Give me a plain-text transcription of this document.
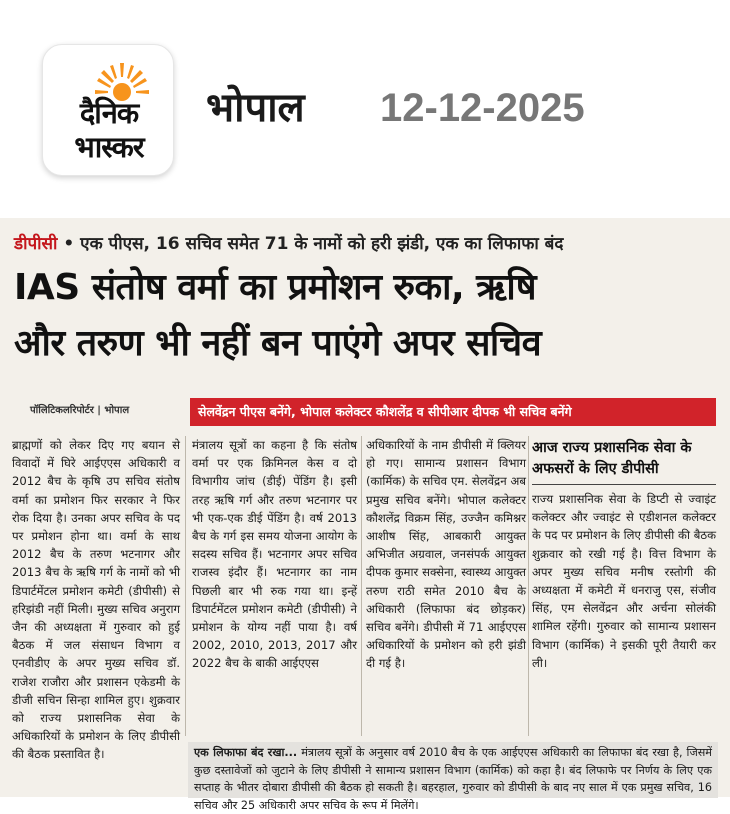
दैनिक
भास्कर
भोपाल 12-12-2025
डीपीसी • एक पीएस, 16 सचिव समेत 71 के नामों को हरी झंडी, एक का लिफाफा बंद
IAS संतोष वर्मा का प्रमोशन रुका, ऋषि
और तरुण भी नहीं बन पाएंगे अपर सचिव
पॉलिटिकलरिपोर्टर | भोपाल	सेलवेंद्रन पीएस बनेंगे, भोपाल कलेक्टर कौशलेंद्र व सीपीआर दीपक भी सचिव बनेंगे
ब्राह्मणों को लेकर दिए गए बयान से विवादों में घिरे आईएएस अधिकारी व 2012 बैच के कृषि उप सचिव संतोष वर्मा का प्रमोशन फिर सरकार ने फिर रोक दिया है। उनका अपर सचिव के पद पर प्रमोशन होना था। वर्मा के साथ 2012 बैच के तरुण भटनागर और 2013 बैच के ऋषि गर्ग के नामों को भी डिपार्टमेंटल प्रमोशन कमेटी (डीपीसी) से हरिझंडी नहीं मिली। मुख्य सचिव अनुराग जैन की अध्यक्षता में गुरुवार को हुई बैठक में जल संसाधन विभाग व एनवीडीए के अपर मुख्य सचिव डॉ. राजेश राजौरा और प्रशासन एकेडमी के डीजी सचिन सिन्हा शामिल हुए। शुक्रवार को राज्य प्रशासनिक सेवा के अधिकारियों के प्रमोशन के लिए डीपीसी की बैठक प्रस्तावित है।
मंत्रालय सूत्रों का कहना है कि संतोष वर्मा पर एक क्रिमिनल केस व दो विभागीय जांच (डीई) पेंडिंग है। इसी तरह ऋषि गर्ग और तरुण भटनागर पर भी एक-एक डीई पेंडिंग है। वर्ष 2013 बैच के गर्ग इस समय योजना आयोग के सदस्य सचिव हैं। भटनागर अपर सचिव राजस्व इंदौर हैं। भटनागर का नाम पिछली बार भी रुक गया था। इन्हें डिपार्टमेंटल प्रमोशन कमेटी (डीपीसी) ने प्रमोशन के योग्य नहीं पाया है। वर्ष 2002, 2010, 2013, 2017 और 2022 बैच के बाकी आईएएस
अधिकारियों के नाम डीपीसी में क्लियर हो गए। सामान्य प्रशासन विभाग (कार्मिक) के सचिव एम. सेलवेंद्रन अब प्रमुख सचिव बनेंगे। भोपाल कलेक्टर कौशलेंद्र विक्रम सिंह, उज्जैन कमिश्नर आशीष सिंह, आबकारी आयुक्त अभिजीत अग्रवाल, जनसंपर्क आयुक्त दीपक कुमार सक्सेना, स्वास्थ्य आयुक्त तरुण राठी समेत 2010 बैच के अधिकारी (लिफाफा बंद छोड़कर) सचिव बनेंगे। डीपीसी में 71 आईएएस अधिकारियों के प्रमोशन को हरी झंडी दी गई है।
आज राज्य प्रशासनिक सेवा के अफसरों के लिए डीपीसी
राज्य प्रशासनिक सेवा के डिप्टी से ज्वाइंट कलेक्टर और ज्वाइंट से एडीशनल कलेक्टर के पद पर प्रमोशन के लिए डीपीसी की बैठक शुक्रवार को रखी गई है। वित्त विभाग के अपर मुख्य सचिव मनीष रस्तोगी की अध्यक्षता में कमेटी में धनराजु एस, संजीव सिंह, एम सेलवेंद्रन और अर्चना सोलंकी शामिल रहेंगी। गुरुवार को सामान्य प्रशासन विभाग (कार्मिक) ने इसकी पूरी तैयारी कर ली।
एक लिफाफा बंद रखा... मंत्रालय सूत्रों के अनुसार वर्ष 2010 बैच के एक आईएएस अधिकारी का लिफाफा बंद रखा है, जिसमें कुछ दस्तावेजों को जुटाने के लिए डीपीसी ने सामान्य प्रशासन विभाग (कार्मिक) को कहा है। बंद लिफाफे पर निर्णय के लिए एक सप्ताह के भीतर दोबारा डीपीसी की बैठक हो सकती है। बहरहाल, गुरुवार को डीपीसी के बाद नए साल में एक प्रमुख सचिव, 16 सचिव और 25 अधिकारी अपर सचिव के रूप में मिलेंगे।
